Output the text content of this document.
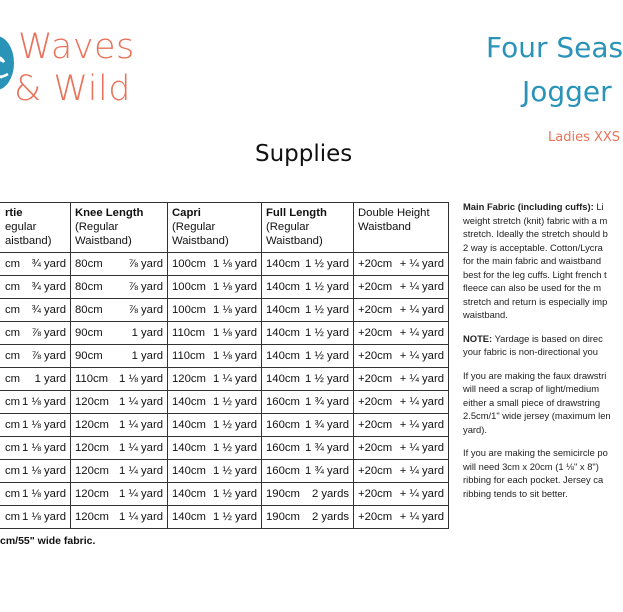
Waves
& Wild
Four Seas
Jogger
Ladies XXS
Supplies
rtie
egular
aistband)	Knee Length
(Regular
Waistband)	Capri
(Regular
Waistband)	Full Length
(Regular
Waistband)	Double Height
Waistband

cm ¾ yard	80cm ⅞ yard	100cm 1 ⅛ yard	140cm 1 ½ yard	+20cm + ¼ yard

cm ¾ yard	80cm ⅞ yard	100cm 1 ⅛ yard	140cm 1 ½ yard	+20cm + ¼ yard

cm ¾ yard	80cm ⅞ yard	100cm 1 ⅛ yard	140cm 1 ½ yard	+20cm + ¼ yard

cm ⅞ yard	90cm 1 yard	110cm 1 ⅛ yard	140cm 1 ½ yard	+20cm + ¼ yard

cm ⅞ yard	90cm 1 yard	110cm 1 ⅛ yard	140cm 1 ½ yard	+20cm + ¼ yard

cm 1 yard	110cm 1 ⅛ yard	120cm 1 ¼ yard	140cm 1 ½ yard	+20cm + ¼ yard

cm 1 ⅛ yard	120cm 1 ¼ yard	140cm 1 ½ yard	160cm 1 ¾ yard	+20cm + ¼ yard

cm 1 ⅛ yard	120cm 1 ¼ yard	140cm 1 ½ yard	160cm 1 ¾ yard	+20cm + ¼ yard

cm 1 ⅛ yard	120cm 1 ¼ yard	140cm 1 ½ yard	160cm 1 ¾ yard	+20cm + ¼ yard

cm 1 ⅛ yard	120cm 1 ¼ yard	140cm 1 ½ yard	160cm 1 ¾ yard	+20cm + ¼ yard

cm 1 ⅛ yard	120cm 1 ¼ yard	140cm 1 ½ yard	190cm 2 yards	+20cm + ¼ yard

cm 1 ⅛ yard	120cm 1 ¼ yard	140cm 1 ½ yard	190cm 2 yards	+20cm + ¼ yard
cm/55" wide fabric.

Main Fabric (including cuffs): Li
weight stretch (knit) fabric with a m
stretch. Ideally the stretch should b
2 way is acceptable. Cotton/Lycra
for the main fabric and waistband
best for the leg cuffs. Light french t
fleece can also be used for the m
stretch and return is especially imp
waistband.

NOTE: Yardage is based on direc
your fabric is non-directional you

If you are making the faux drawstri
will need a scrap of light/medium
either a small piece of drawstring
2.5cm/1" wide jersey (maximum len
yard).

If you are making the semicircle po
will need 3cm x 20cm (1 ⅛" x 8")
ribbing for each pocket. Jersey ca
ribbing tends to sit better.
